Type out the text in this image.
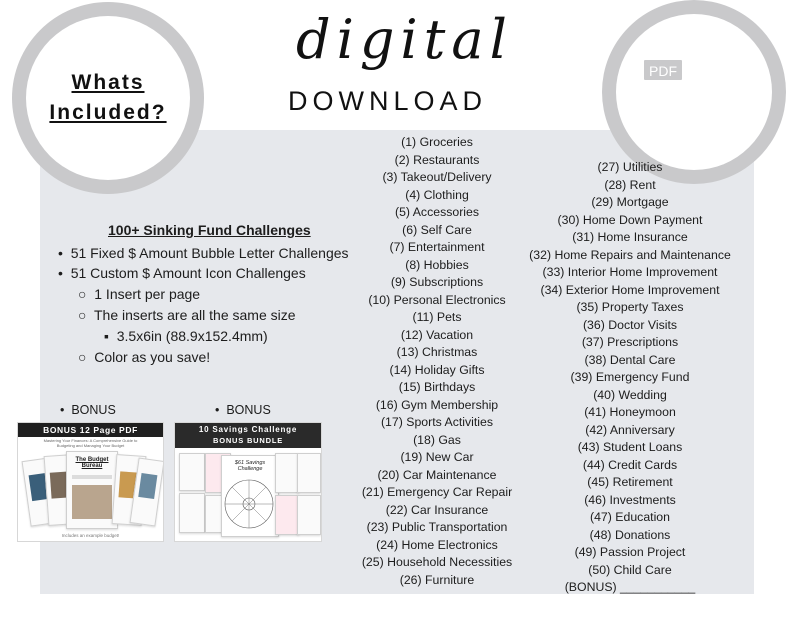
Whats
Included?
PDF
digital
DOWNLOAD
100+ Sinking Fund Challenges
•  51 Fixed $ Amount Bubble Letter Challenges
•  51 Custom $ Amount Icon Challenges
○  1 Insert per page
○  The inserts are all the same size
▪  3.5x6in (88.9x152.4mm)
○  Color as you save!
•  BONUS	•  BONUS
BONUS 12 Page PDF
Mastering Your Finances: A Comprehensive Guide to
Budgeting and Managing Your Budget
The Budget Bureau
Includes an example budget!
10 Savings Challenge
BONUS BUNDLE
$61 Savings Challenge
(1) Groceries
(2) Restaurants
(3) Takeout/Delivery
(4) Clothing
(5) Accessories
(6) Self Care
(7) Entertainment
(8) Hobbies
(9) Subscriptions
(10) Personal Electronics
(11) Pets
(12) Vacation
(13) Christmas
(14) Holiday Gifts
(15) Birthdays
(16) Gym Membership
(17) Sports Activities
(18) Gas
(19) New Car
(20) Car Maintenance
(21) Emergency Car Repair
(22) Car Insurance
(23) Public Transportation
(24) Home Electronics
(25) Household Necessities
(26) Furniture
(27) Utilities
(28) Rent
(29) Mortgage
(30) Home Down Payment
(31) Home Insurance
(32) Home Repairs and Maintenance
(33) Interior Home Improvement
(34) Exterior Home Improvement
(35) Property Taxes
(36) Doctor Visits
(37) Prescriptions
(38) Dental Care
(39) Emergency Fund
(40) Wedding
(41) Honeymoon
(42) Anniversary
(43) Student Loans
(44) Credit Cards
(45) Retirement
(46) Investments
(47) Education
(48) Donations
(49) Passion Project
(50) Child Care
(BONUS) ___________
